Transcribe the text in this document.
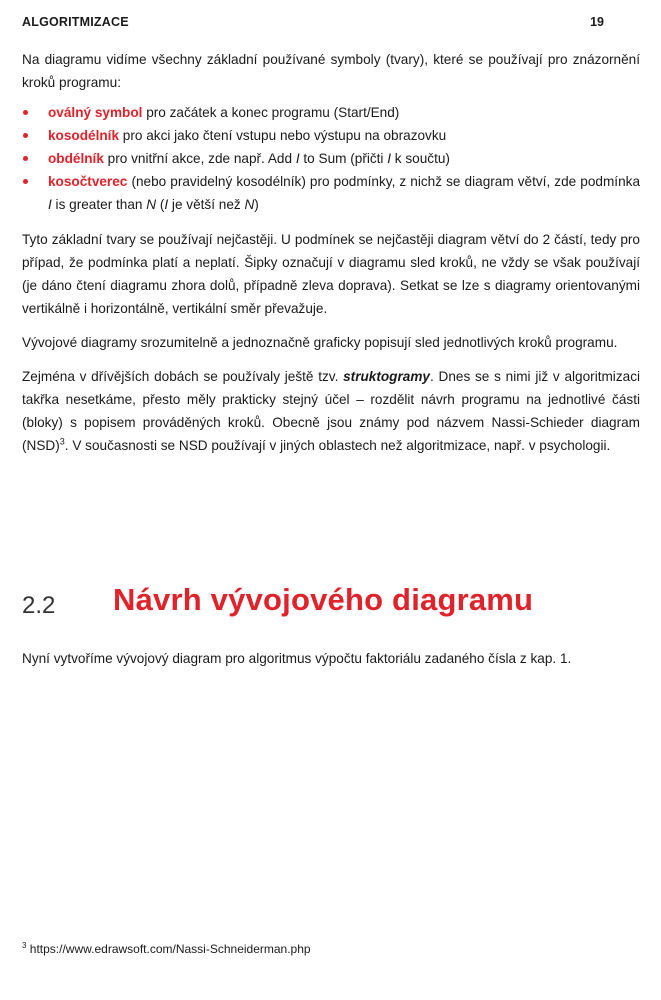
ALGORITMIZACE	19

Na diagramu vidíme všechny základní používané symboly (tvary), které se používají pro znázornění kroků programu:

oválný symbol pro začátek a konec programu (Start/End)
kosodélník pro akci jako čtení vstupu nebo výstupu na obrazovku
obdélník pro vnitřní akce, zde např. Add I to Sum (přičti I k součtu)
kosočtverec (nebo pravidelný kosodélník) pro podmínky, z nichž se diagram větví, zde podmínka I is greater than N (I je větší než N)

Tyto základní tvary se používají nejčastěji. U podmínek se nejčastěji diagram větví do 2 částí, tedy pro případ, že podmínka platí a neplatí. Šipky označují v diagramu sled kroků, ne vždy se však používají (je dáno čtení diagramu zhora dolů, případně zleva doprava). Setkat se lze s diagramy orientovanými vertikálně i horizontálně, vertikální směr převažuje.

Vývojové diagramy srozumitelně a jednoznačně graficky popisují sled jednotlivých kroků programu.

Zejména v dřívějších dobách se používaly ještě tzv. struktogramy. Dnes se s nimi již v algoritmizaci takřka nesetkáme, přesto měly prakticky stejný účel – rozdělit návrh programu na jednotlivé části (bloky) s popisem prováděných kroků. Obecně jsou známy pod názvem Nassi-Schieder diagram (NSD)$^3$. V současnosti se NSD používají v jiných oblastech než algoritmizace, např. v psychologii.

2.2 Návrh vývojového diagramu

Nyní vytvoříme vývojový diagram pro algoritmus výpočtu faktoriálu zadaného čísla z kap. 1.

$^3$ https://www.edrawsoft.com/Nassi-Schneiderman.php
